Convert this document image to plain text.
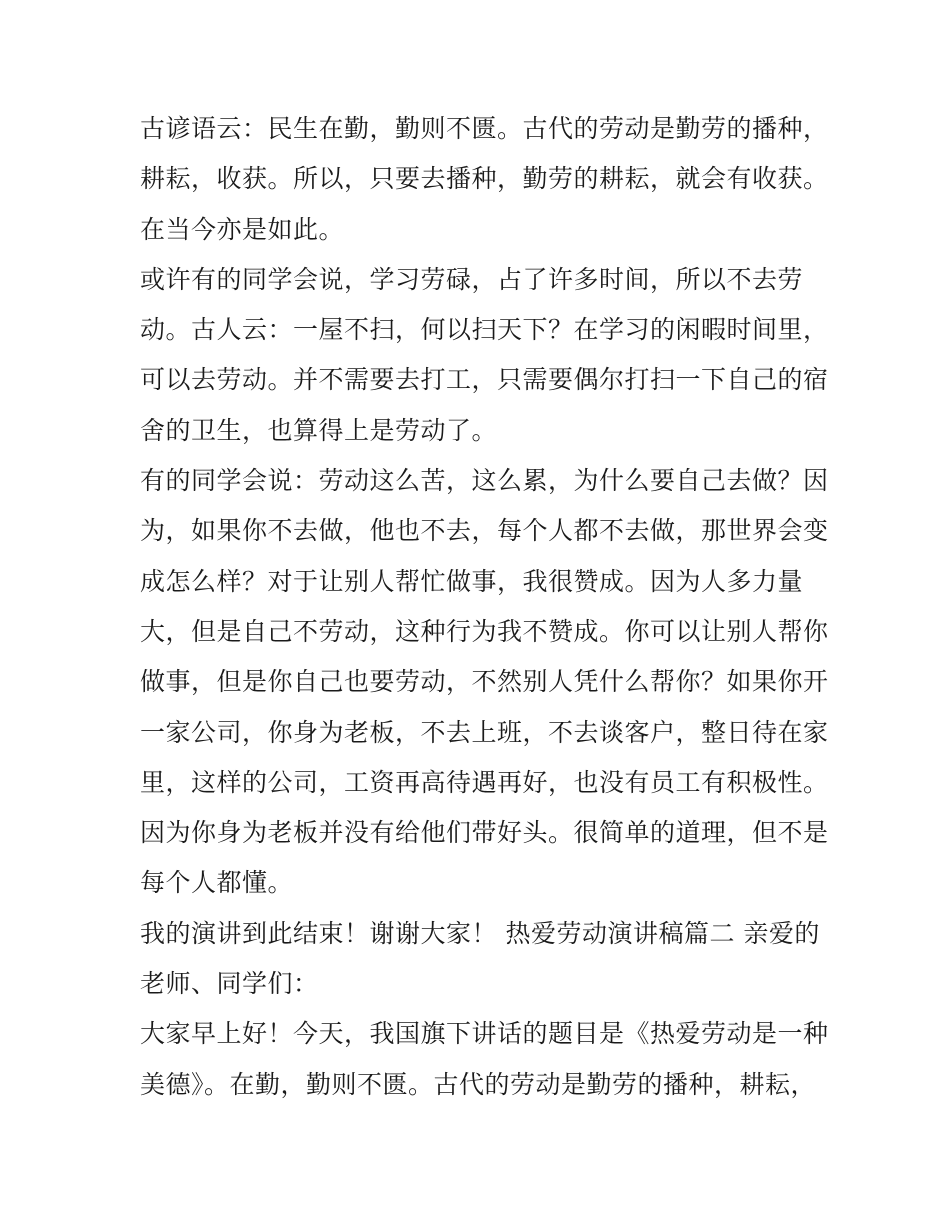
古谚语云：民生在勤，勤则不匮。古代的劳动是勤劳的播种，
耕耘，收获。所以，只要去播种，勤劳的耕耘，就会有收获。
在当今亦是如此。
或许有的同学会说，学习劳碌，占了许多时间，所以不去劳
动。古人云：一屋不扫，何以扫天下？在学习的闲暇时间里，
可以去劳动。并不需要去打工，只需要偶尔打扫一下自己的宿
舍的卫生，也算得上是劳动了。
有的同学会说：劳动这么苦，这么累，为什么要自己去做？因
为，如果你不去做，他也不去，每个人都不去做，那世界会变
成怎么样？对于让别人帮忙做事，我很赞成。因为人多力量
大，但是自己不劳动，这种行为我不赞成。你可以让别人帮你
做事，但是你自己也要劳动，不然别人凭什么帮你？如果你开
一家公司，你身为老板，不去上班，不去谈客户，整日待在家
里，这样的公司，工资再高待遇再好，也没有员工有积极性。
因为你身为老板并没有给他们带好头。很简单的道理，但不是
每个人都懂。
我的演讲到此结束！谢谢大家！ 热爱劳动演讲稿篇二 亲爱的
老师、同学们：
大家早上好！今天，我国旗下讲话的题目是《热爱劳动是一种
美德》。在勤，勤则不匮。古代的劳动是勤劳的播种，耕耘，
